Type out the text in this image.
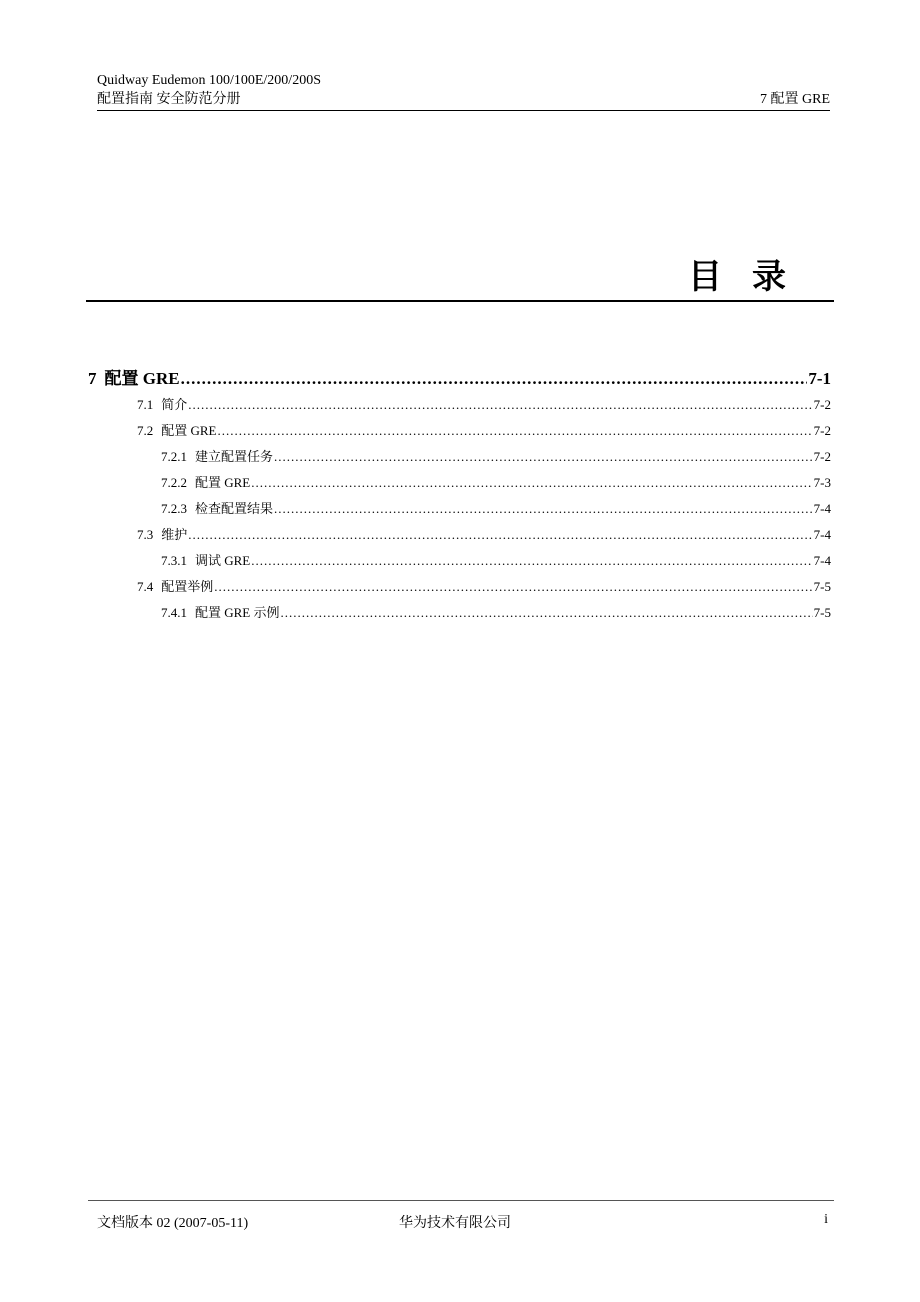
Quidway Eudemon 100/100E/200/200S
配置指南 安全防范分册	7 配置 GRE
目录
7 配置 GRE .....	7-1
7.1 简介 .....	7-2
7.2 配置 GRE .....	7-2
7.2.1 建立配置任务 .....	7-2
7.2.2 配置 GRE .....	7-3
7.2.3 检查配置结果 .....	7-4
7.3 维护 .....	7-4
7.3.1 调试 GRE .....	7-4
7.4 配置举例 .....	7-5
7.4.1 配置 GRE 示例 .....	7-5
文档版本 02 (2007-05-11)	华为技术有限公司	i
